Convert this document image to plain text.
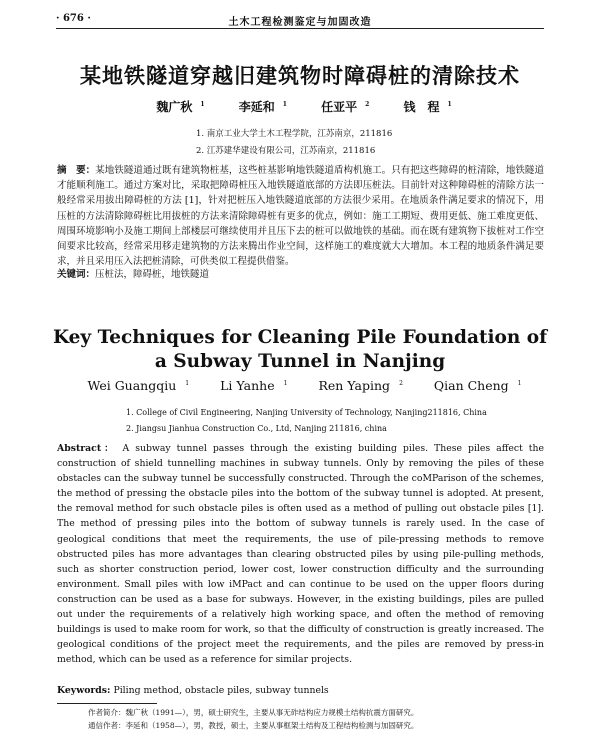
· 676 ·	土木工程检测鉴定与加固改造
某地铁隧道穿越旧建筑物时障碍桩的清除技术
魏广秋 $^1$	李延和 $^1$	任亚平 $^2$	钱　程 $^1$
1. 南京工业大学土木工程学院，江苏南京，211816
2. 江苏建华建设有限公司，江苏南京，211816
摘　要：某地铁隧道通过既有建筑物桩基，这些桩基影响地铁隧道盾构机施工。只有把这些障碍的桩清除，地铁隧道才能顺利施工。通过方案对比，采取把障碍桩压入地铁隧道底部的方法即压桩法。目前针对这种障碍桩的清除方法一般经常采用拔出障碍桩的方法 [1]，针对把桩压入地铁隧道底部的方法很少采用。在地质条件满足要求的情况下，用压桩的方法清除障碍桩比用拔桩的方法来清除障碍桩有更多的优点，例如：施工工期短、费用更低、施工难度更低、周围环境影响小及施工期间上部楼层可继续使用并且压下去的桩可以做地铁的基础。而在既有建筑物下拔桩对工作空间要求比较高，经常采用移走建筑物的方法来腾出作业空间，这样施工的难度就大大增加。本工程的地质条件满足要求，并且采用压入法把桩清除，可供类似工程提供借鉴。
关键词：压桩法，障碍桩，地铁隧道
Key Techniques for Cleaning Pile Foundation of a Subway Tunnel in Nanjing
Wei Guangqiu $^1$ Li Yanhe $^1$ Ren Yaping $^2$ Qian Cheng $^1$
1. College of Civil Engineering, Nanjing University of Technology, Nanjing211816, China
2. Jiangsu Jianhua Construction Co., Ltd, Nanjing 211816, china
Abstract： A subway tunnel passes through the existing building piles. These piles affect the construction of shield tunnelling machines in subway tunnels. Only by removing the piles of these obstacles can the subway tunnel be successfully constructed. Through the coMParison of the schemes, the method of pressing the obstacle piles into the bottom of the subway tunnel is adopted. At present, the removal method for such obstacle piles is often used as a method of pulling out obstacle piles [1]. The method of pressing piles into the bottom of subway tunnels is rarely used. In the case of geological conditions that meet the requirements, the use of pile-pressing methods to remove obstructed piles has more advantages than clearing obstructed piles by using pile-pulling methods, such as shorter construction period, lower cost, lower construction difficulty and the surrounding environment. Small piles with low iMPact and can continue to be used on the upper floors during construction can be used as a base for subways. However, in the existing buildings, piles are pulled out under the requirements of a relatively high working space, and often the method of removing buildings is used to make room for work, so that the difficulty of construction is greatly increased. The geological conditions of the project meet the requirements, and the piles are removed by press-in method, which can be used as a reference for similar projects.
Keywords: Piling method, obstacle piles, subway tunnels
作者简介：魏广秋（1991—），男，硕士研究生，主要从事无砟结构应力规模土结构抗震方面研究。
通信作者：李延和（1958—），男，教授，硕士，主要从事框架土结构及工程结构检测与加固研究。
